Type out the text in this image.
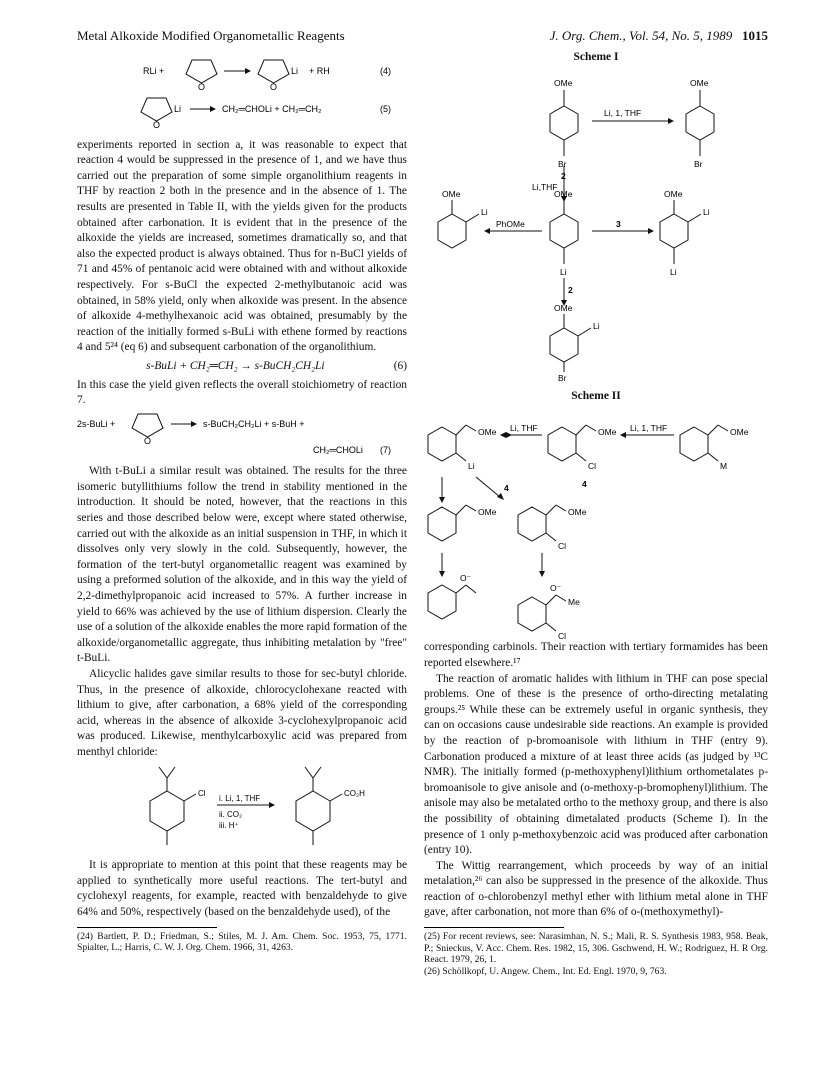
Metal Alkoxide Modified Organometallic Reagents	J. Org. Chem., Vol. 54, No. 5, 1989 1015
RLi +
O	O
Li + RH	(4)
O
Li	CH₂═CHOLi + CH₂═CH₂	(5)

experiments reported in section a, it was reasonable to expect that reaction 4 would be suppressed in the presence of 1, and we have thus carried out the preparation of some simple organolithium reagents in THF by reaction 2 both in the presence and in the absence of 1. The results are presented in Table II, with the yields given for the products obtained after carbonation. It is evident that in the presence of the alkoxide the yields are increased, sometimes dramatically so, and that also the expected product is always obtained. Thus for n-BuCl yields of 71 and 45% of pentanoic acid were obtained with and without alkoxide respectively. For s-BuCl the expected 2-methylbutanoic acid was obtained, in 58% yield, only when alkoxide was present. In the absence of alkoxide 4-methylhexanoic acid was obtained, presumably by the reaction of the initially formed s-BuLi with ethene formed by reactions 4 and 5²⁴ (eq 6) and subsequent carbonation of the organolithium.

s-BuLi + CH₂═CH₂ → s-BuCH₂CH₂Li	(6)

In this case the yield given reflects the overall stoichiometry of reaction 7.

2s-BuLi +
O
s-BuCH₂CH₂Li + s-BuH +
CH₂═CHOLi (7)

With t-BuLi a similar result was obtained. The results for the three isomeric butyllithiums follow the trend in stability mentioned in the introduction. It should be noted, however, that the reactions in this series and those described below were, except where stated otherwise, carried out with the alkoxide as an initial suspension in THF, in which it dissolves only very slowly in the cold. Subsequently, however, the formation of the tert-butyl organometallic reagent was examined by using a preformed solution of the alkoxide, and in this way the yield of 2,2-dimethylpropanoic acid increased to 57%. A further increase in yield to 66% was achieved by the use of lithium dispersion. Clearly the use of a solution of the alkoxide enables the more rapid formation of the alkoxide/organometallic aggregate, thus inhibiting metalation by "free" t-BuLi.

Alicyclic halides gave similar results to those for sec-butyl chloride. Thus, in the presence of alkoxide, chlorocyclohexane reacted with lithium to give, after carbonation, a 68% yield of the corresponding acid, whereas in the absence of alkoxide 3-cyclohexylpropanoic acid was produced. Likewise, menthylcarboxylic acid was prepared from menthyl chloride:

Cl	CO₂H
i. Li, 1, THF
ii. CO₂
iii. H⁺

It is appropriate to mention at this point that these reagents may be applied to synthetically more useful reactions. The tert-butyl and cyclohexyl reagents, for example, reacted with benzaldehyde to give 64% and 50%, respectively (based on the benzaldehyde used), of the

(24) Bartlett, P. D.; Friedman, S.; Stiles, M. J. Am. Chem. Soc. 1953, 75, 1771. Spialter, L.; Harris, C. W. J. Org. Chem. 1966, 31, 4263.

Scheme I

OMe
Br
OMe
Br
Li, 1, THF
2
Li,THF
OMe
Li
OMe
Li
OMe
Li
Li
PhOMe	3
2
OMe
Li
Br

Scheme II

OMe
Li
Li, THF	OMe
Cl
Li, 1, THF	OMe
M
4	4
OMe	OMe
Cl
O⁻
O⁻
Me
Cl

corresponding carbinols. Their reaction with tertiary formamides has been reported elsewhere.¹⁷

The reaction of aromatic halides with lithium in THF can pose special problems. One of these is the presence of ortho-directing metalating groups.²⁵ While these can be extremely useful in organic synthesis, they can on occasions cause undesirable side reactions. An example is provided by the reaction of p-bromoanisole with lithium in THF (entry 9). Carbonation produced a mixture of at least three acids (as judged by ¹³C NMR). The initially formed (p-methoxyphenyl)lithium orthometalates p-bromoanisole to give anisole and (o-methoxy-p-bromophenyl)lithium. The anisole may also be metalated ortho to the methoxy group, and there is also the possibility of obtaining dimetalated products (Scheme I). In the presence of 1 only p-methoxybenzoic acid was produced after carbonation (entry 10).

The Wittig rearrangement, which proceeds by way of an initial metalation,²⁶ can also be suppressed in the presence of the alkoxide. Thus reaction of o-chlorobenzyl methyl ether with lithium metal alone in THF gave, after carbonation, not more than 6% of o-(methoxymethyl)-

(25) For recent reviews, see: Narasimhan, N. S.; Mali, R. S. Synthesis 1983, 958. Beak, P.; Snieckus, V. Acc. Chem. Res. 1982, 15, 306. Gschwend, H. W.; Rodriguez, H. R Org. React. 1979, 26, 1.

(26) Schöllkopf, U. Angew. Chem., Int. Ed. Engl. 1970, 9, 763.
